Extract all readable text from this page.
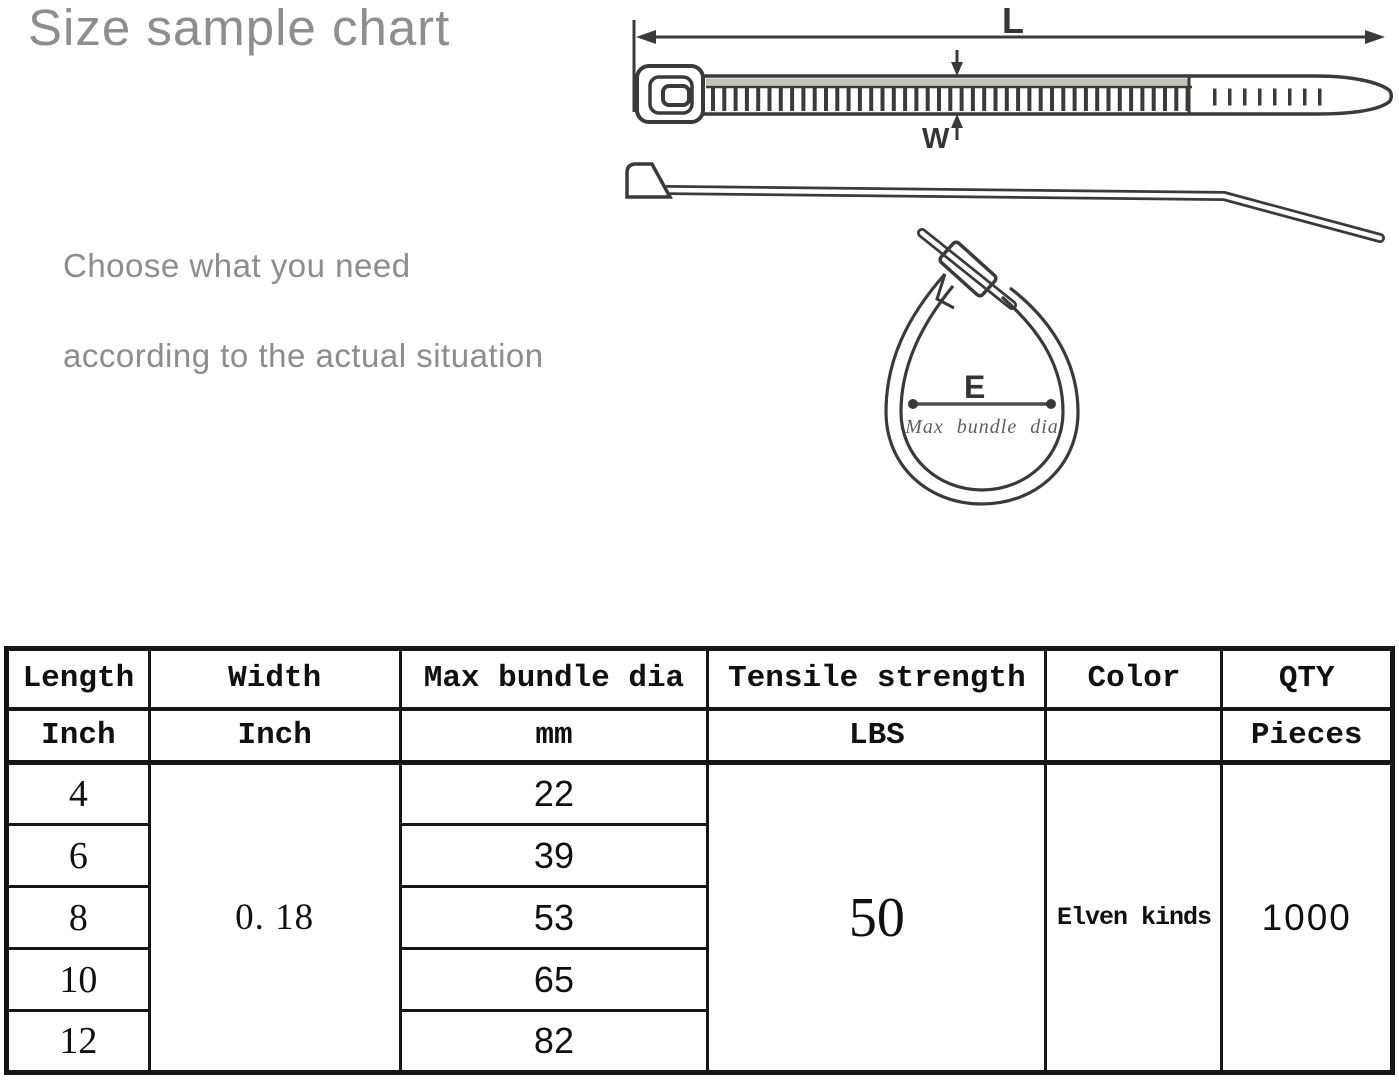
Size sample chart

Choose what you need

according to the actual situation

L
W
E
Max bundle dia
Length	Width	Max bundle dia	Tensile strength	Color	QTY
Inch	Inch	mm	LBS		Pieces
4	0. 18	22	50	Elven kinds	1000
6		39			
8		53			
10		65			
12		82			
